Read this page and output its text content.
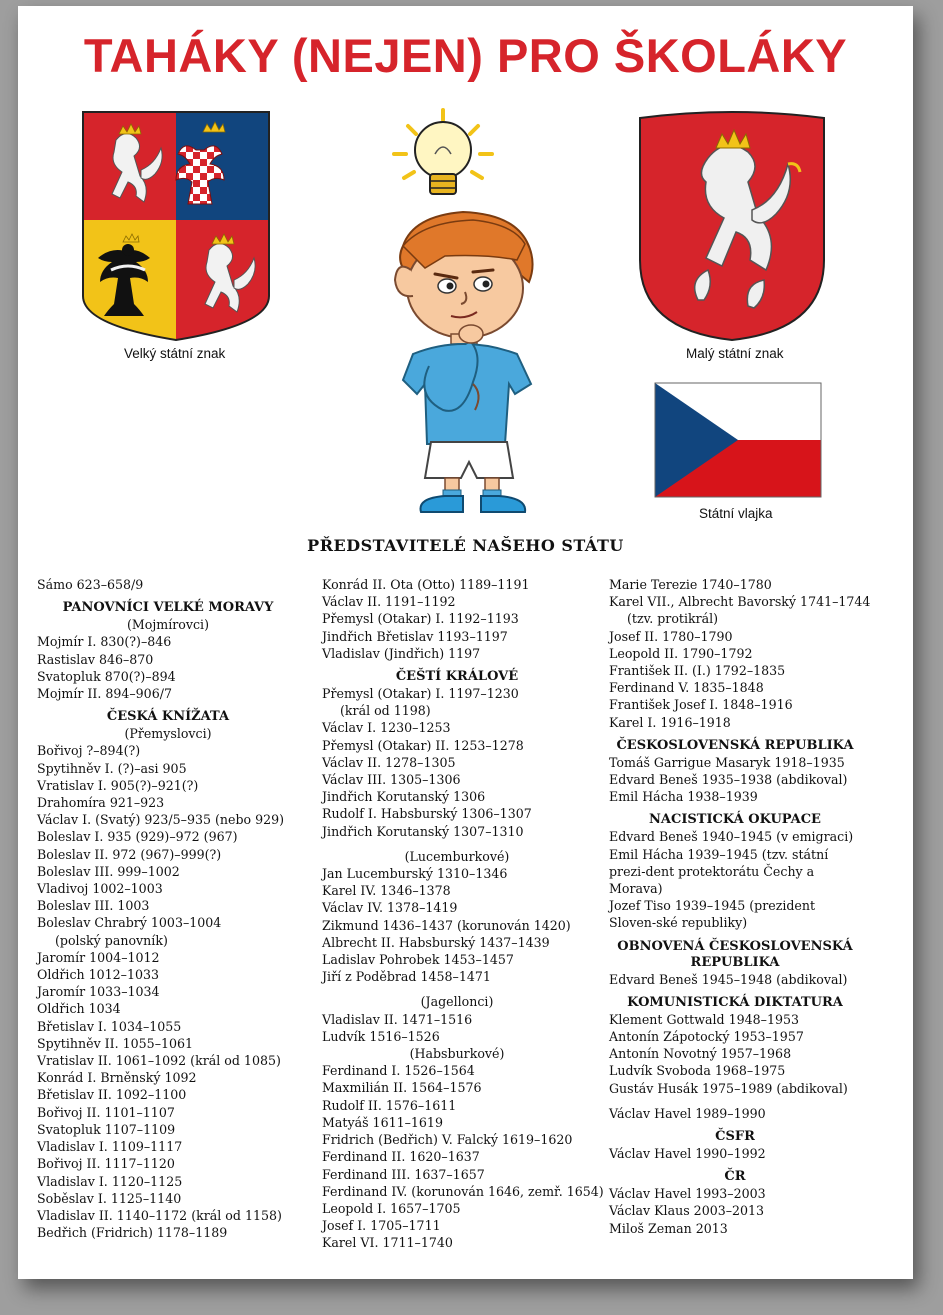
TAHÁKY (NEJEN) PRO ŠKOLÁKY
Velký státní znak	Malý státní znak
Státní vlajka
PŘEDSTAVITELÉ NAŠEHO STÁTU
Sámo 623–658/9
PANOVNÍCI VELKÉ MORAVY
(Mojmírovci)
Mojmír I. 830(?)–846
Rastislav 846–870
Svatopluk 870(?)–894
Mojmír II. 894–906/7
ČESKÁ KNÍŽATA
(Přemyslovci)
Bořivoj ?–894(?)
Spytihněv I. (?)–asi 905
Vratislav I. 905(?)–921(?)
Drahomíra 921–923
Václav I. (Svatý) 923/5–935 (nebo 929)
Boleslav I. 935 (929)–972 (967)
Boleslav II. 972 (967)–999(?)
Boleslav III. 999–1002
Vladivoj 1002–1003
Boleslav III. 1003
Boleslav Chrabrý 1003–1004
(polský panovník)
Jaromír 1004–1012
Oldřich 1012–1033
Jaromír 1033–1034
Oldřich 1034
Břetislav I. 1034–1055
Spytihněv II. 1055–1061
Vratislav II. 1061–1092 (král od 1085)
Konrád I. Brněnský 1092
Břetislav II. 1092–1100
Bořivoj II. 1101–1107
Svatopluk 1107–1109
Vladislav I. 1109–1117
Bořivoj II. 1117–1120
Vladislav I. 1120–1125
Soběslav I. 1125–1140
Vladislav II. 1140–1172 (král od 1158)
Bedřich (Fridrich) 1178–1189
Konrád II. Ota (Otto) 1189–1191
Václav II. 1191–1192
Přemysl (Otakar) I. 1192–1193
Jindřich Břetislav 1193–1197
Vladislav (Jindřich) 1197
ČEŠTÍ KRÁLOVÉ
Přemysl (Otakar) I. 1197–1230
(král od 1198)
Václav I. 1230–1253
Přemysl (Otakar) II. 1253–1278
Václav II. 1278–1305
Václav III. 1305–1306
Jindřich Korutanský 1306
Rudolf I. Habsburský 1306–1307
Jindřich Korutanský 1307–1310
(Lucemburkové)
Jan Lucemburský 1310–1346
Karel IV. 1346–1378
Václav IV. 1378–1419
Zikmund 1436–1437 (korunován 1420)
Albrecht II. Habsburský 1437–1439
Ladislav Pohrobek 1453–1457
Jiří z Poděbrad 1458–1471
(Jagellonci)
Vladislav II. 1471–1516
Ludvík 1516–1526
(Habsburkové)
Ferdinand I. 1526–1564
Maxmilián II. 1564–1576
Rudolf II. 1576–1611
Matyáš 1611–1619
Fridrich (Bedřich) V. Falcký 1619–1620
Ferdinand II. 1620–1637
Ferdinand III. 1637–1657
Ferdinand IV. (korunován 1646, zemř. 1654)
Leopold I. 1657–1705
Josef I. 1705–1711
Karel VI. 1711–1740
Marie Terezie 1740–1780
Karel VII., Albrecht Bavorský 1741–1744
(tzv. protikrál)
Josef II. 1780–1790
Leopold II. 1790–1792
František II. (I.) 1792–1835
Ferdinand V. 1835–1848
František Josef I. 1848–1916
Karel I. 1916–1918
ČESKOSLOVENSKÁ REPUBLIKA
Tomáš Garrigue Masaryk 1918–1935
Edvard Beneš 1935–1938 (abdikoval)
Emil Hácha 1938–1939
NACISTICKÁ OKUPACE
Edvard Beneš 1940–1945 (v emigraci)
Emil Hácha 1939–1945 (tzv. státní prezi-dent protektorátu Čechy a Morava)
Jozef Tiso 1939–1945 (prezident Sloven-ské republiky)
OBNOVENÁ ČESKOSLOVENSKÁ REPUBLIKA
Edvard Beneš 1945–1948 (abdikoval)
KOMUNISTICKÁ DIKTATURA
Klement Gottwald 1948–1953
Antonín Zápotocký 1953–1957
Antonín Novotný 1957–1968
Ludvík Svoboda 1968–1975
Gustáv Husák 1975–1989 (abdikoval)
Václav Havel 1989–1990
ČSFR
Václav Havel 1990–1992
ČR
Václav Havel 1993–2003
Václav Klaus 2003–2013
Miloš Zeman 2013
